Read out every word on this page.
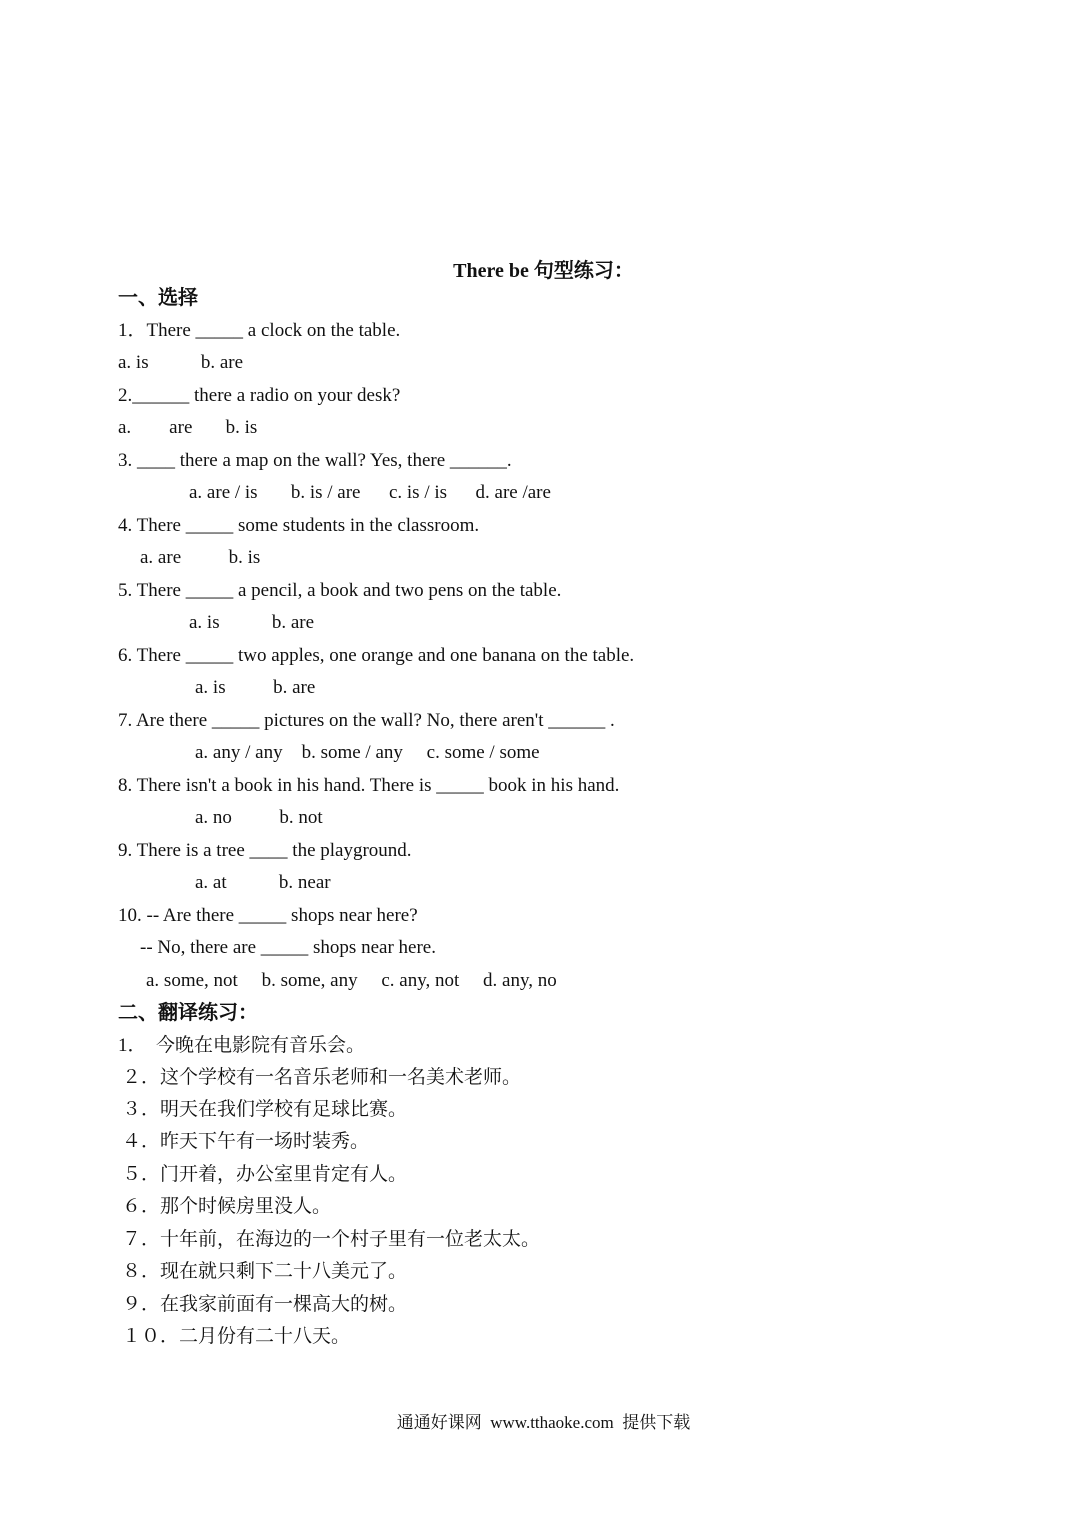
There be 句型练习：
一、选择
1．There _____ a clock on the table.
a. is           b. are
2.______ there a radio on your desk?
a.        are       b. is
3. ____ there a map on the wall? Yes, there ______.
a. are / is       b. is / are      c. is / is      d. are /are
4. There _____ some students in the classroom.
a. are          b. is
5. There _____ a pencil, a book and two pens on the table.
a. is           b. are
6. There _____ two apples, one orange and one banana on the table.
a. is          b. are
7. Are there _____ pictures on the wall? No, there aren't ______ .
a. any / any    b. some / any     c. some / some
8. There isn't a book in his hand. There is _____ book in his hand.
a. no          b. not
9. There is a tree ____ the playground.
a. at           b. near
10. -- Are there _____ shops near here?
-- No, there are _____ shops near here.
a. some, not     b. some, any     c. any, not     d. any, no
二、翻译练习：
1．  今晚在电影院有音乐会。
２．这个学校有一名音乐老师和一名美术老师。
３．明天在我们学校有足球比赛。
４．昨天下午有一场时装秀。
５．门开着，办公室里肯定有人。
６．那个时候房里没人。
７．十年前，在海边的一个村子里有一位老太太。
８．现在就只剩下二十八美元了。
９．在我家前面有一棵高大的树。
１０．二月份有二十八天。
通通好课网  www.tthaoke.com  提供下载
